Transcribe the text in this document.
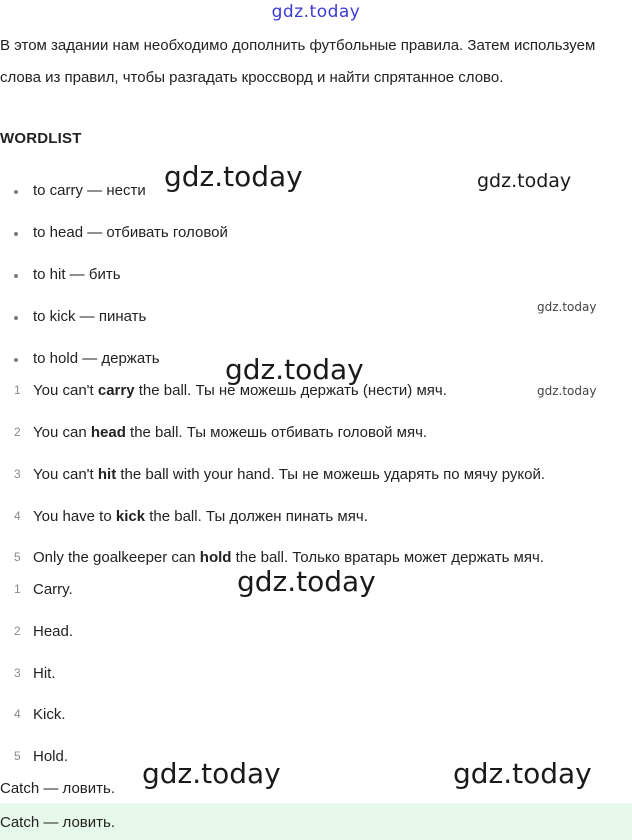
gdz.today
В этом задании нам необходимо дополнить футбольные правила. Затем используем слова из правил, чтобы разгадать кроссворд и найти спрятанное слово.
WORDLIST
to carry — нести
to head — отбивать головой
to hit — бить
to kick — пинать
to hold — держать
1 You can't carry the ball. Ты не можешь держать (нести) мяч.
2 You can head the ball. Ты можешь отбивать головой мяч.
3 You can't hit the ball with your hand. Ты не можешь ударять по мячу рукой.
4 You have to kick the ball. Ты должен пинать мяч.
5 Only the goalkeeper can hold the ball. Только вратарь может держать мяч.
1 Carry.
2 Head.
3 Hit.
4 Kick.
5 Hold.
Catch — ловить.
Catch — ловить.
gdz.today	gdz.today
gdz.today
gdz.today
gdz.today
gdz.today
gdz.today	gdz.today
